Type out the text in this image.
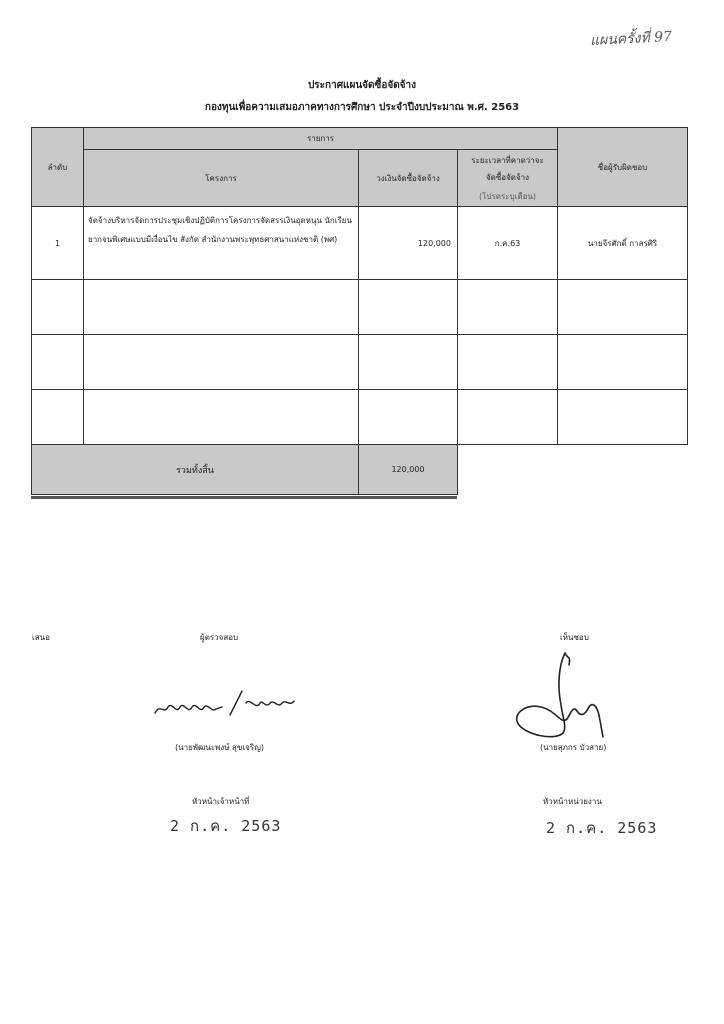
แผนครั้งที่ 97
ประกาศแผนจัดซื้อจัดจ้าง
กองทุนเพื่อความเสมอภาคทางการศึกษา ประจำปีงบประมาณ พ.ศ. 2563
ลำดับ	รายการ			ชื่อผู้รับผิดชอบ
	โครงการ	วงเงินจัดซื้อจัดจ้าง	ระยะเวลาที่คาดว่าจะ
จัดซื้อจัดจ้าง
(โปรดระบุเดือน)	

1	จัดจ้างบริหารจัดการประชุมเชิงปฏิบัติการโครงการจัดสรรเงินอุดหนุน นักเรียนยากจนพิเศษแบบมีเงื่อนไข สังกัด สำนักงานพระพุทธศาสนาแห่งชาติ (พศ)	120,000	ก.ค.63	นายจีรศักดิ์ กาสรศิริ

รวมทั้งสิ้น		120,000		
เสนอ	ผู้ตรวจสอบ	เห็นชอบ
(นายพัฒนะพงษ์ สุขเจริญ)	(นายสุภกร บัวสาย)
หัวหน้าเจ้าหน้าที่	หัวหน้าหน่วยงาน
2 ก.ค. 2563	2 ก.ค. 2563
